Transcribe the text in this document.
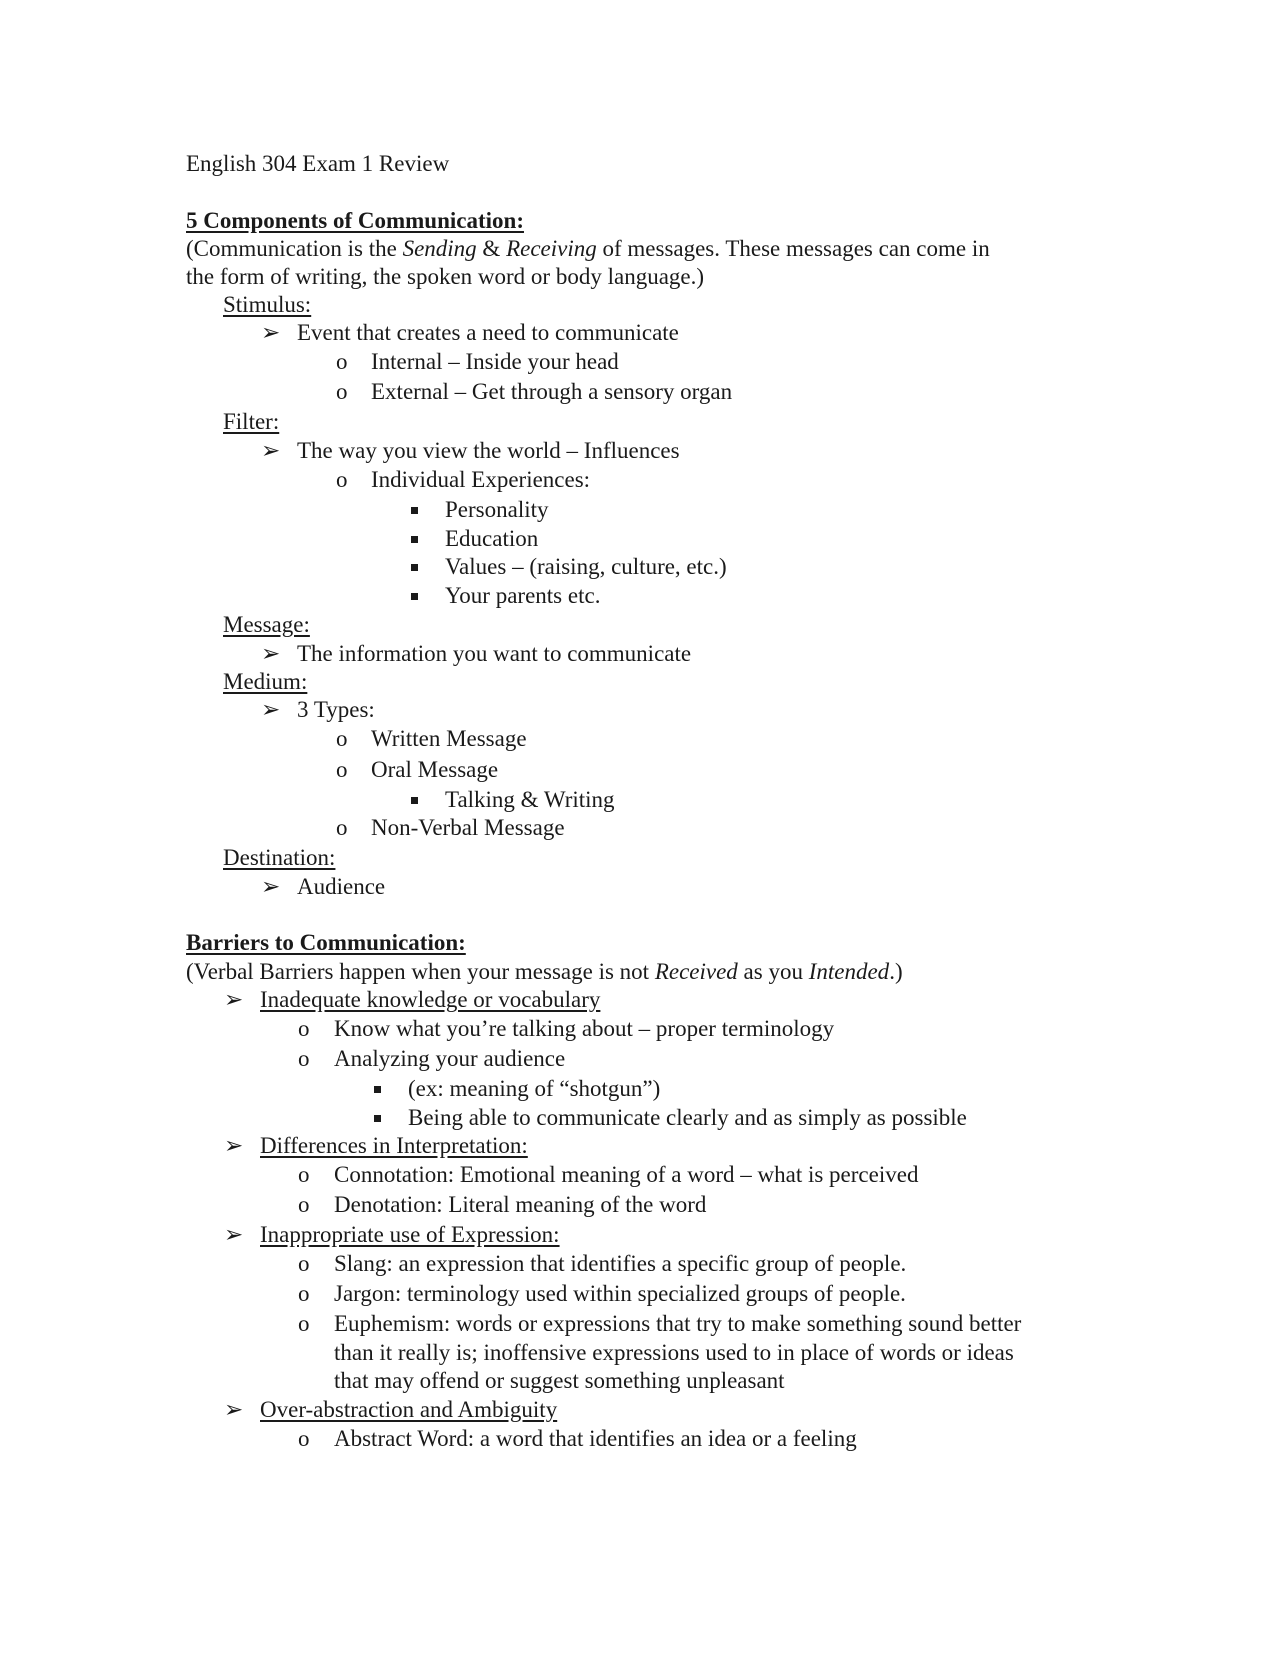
English 304 Exam 1 Review
5 Components of Communication:
(Communication is the Sending & Receiving of messages. These messages can come in
the form of writing, the spoken word or body language.)
Stimulus:
➢ Event that creates a need to communicate
o Internal – Inside your head
o External – Get through a sensory organ
Filter:
➢ The way you view the world – Influences
o Individual Experiences:
Personality
Education
Values – (raising, culture, etc.)
Your parents etc.
Message:
➢ The information you want to communicate
Medium:
➢ 3 Types:
o Written Message
o Oral Message
Talking & Writing
o Non-Verbal Message
Destination:
➢ Audience
Barriers to Communication:
(Verbal Barriers happen when your message is not Received as you Intended.)
➢ Inadequate knowledge or vocabulary
o Know what you’re talking about – proper terminology
o Analyzing your audience
(ex: meaning of “shotgun”)
Being able to communicate clearly and as simply as possible
➢ Differences in Interpretation:
o Connotation: Emotional meaning of a word – what is perceived
o Denotation: Literal meaning of the word
➢ Inappropriate use of Expression:
o Slang: an expression that identifies a specific group of people.
o Jargon: terminology used within specialized groups of people.
o Euphemism: words or expressions that try to make something sound better
than it really is; inoffensive expressions used to in place of words or ideas
that may offend or suggest something unpleasant
➢ Over-abstraction and Ambiguity
o Abstract Word: a word that identifies an idea or a feeling
